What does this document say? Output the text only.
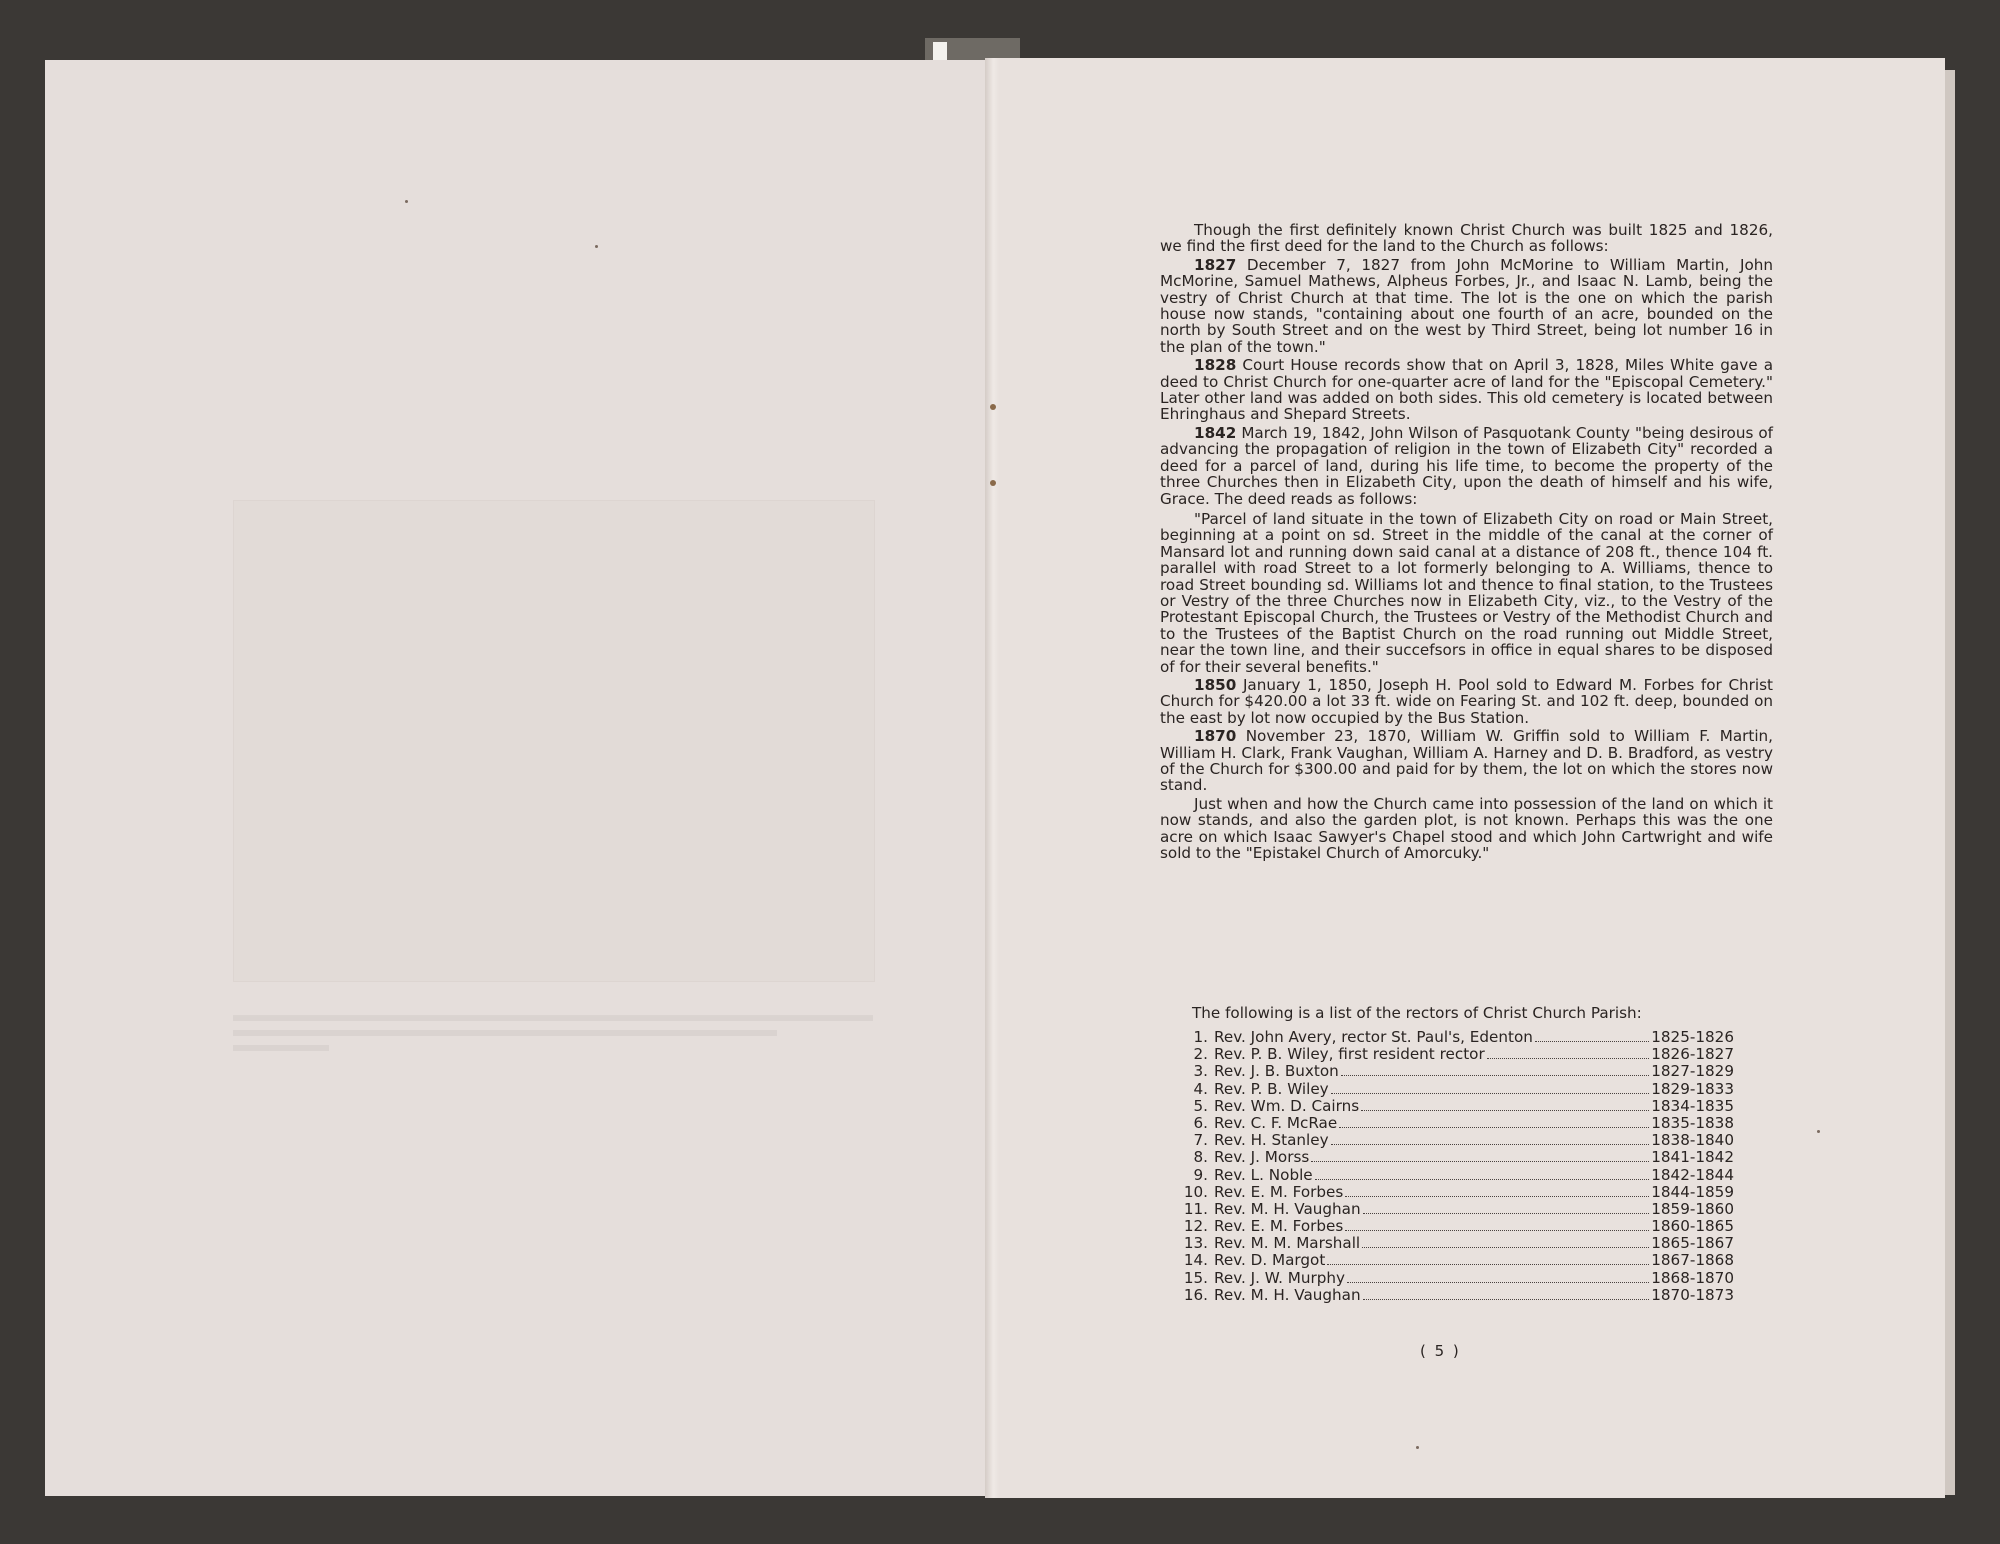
Though the first definitely known Christ Church was built 1825 and 1826, we find the first deed for the land to the Church as follows:

1827 December 7, 1827 from John McMorine to William Martin, John McMorine, Samuel Mathews, Alpheus Forbes, Jr., and Isaac N. Lamb, being the vestry of Christ Church at that time. The lot is the one on which the parish house now stands, "containing about one fourth of an acre, bounded on the north by South Street and on the west by Third Street, being lot number 16 in the plan of the town."

1828 Court House records show that on April 3, 1828, Miles White gave a deed to Christ Church for one-quarter acre of land for the "Episcopal Cemetery." Later other land was added on both sides. This old cemetery is located between Ehringhaus and Shepard Streets.

1842 March 19, 1842, John Wilson of Pasquotank County "being desirous of advancing the propagation of religion in the town of Elizabeth City" recorded a deed for a parcel of land, during his life time, to become the property of the three Churches then in Elizabeth City, upon the death of himself and his wife, Grace. The deed reads as follows:

"Parcel of land situate in the town of Elizabeth City on road or Main Street, beginning at a point on sd. Street in the middle of the canal at the corner of Mansard lot and running down said canal at a distance of 208 ft., thence 104 ft. parallel with road Street to a lot formerly belonging to A. Williams, thence to road Street bounding sd. Williams lot and thence to final station, to the Trustees or Vestry of the three Churches now in Elizabeth City, viz., to the Vestry of the Protestant Episcopal Church, the Trustees or Vestry of the Methodist Church and to the Trustees of the Baptist Church on the road running out Middle Street, near the town line, and their succefsors in office in equal shares to be disposed of for their several benefits."

1850 January 1, 1850, Joseph H. Pool sold to Edward M. Forbes for Christ Church for $420.00 a lot 33 ft. wide on Fearing St. and 102 ft. deep, bounded on the east by lot now occupied by the Bus Station.

1870 November 23, 1870, William W. Griffin sold to William F. Martin, William H. Clark, Frank Vaughan, William A. Harney and D. B. Bradford, as vestry of the Church for $300.00 and paid for by them, the lot on which the stores now stand.

Just when and how the Church came into possession of the land on which it now stands, and also the garden plot, is not known. Perhaps this was the one acre on which Isaac Sawyer's Chapel stood and which John Cartwright and wife sold to the "Epistakel Church of Amorcuky."

The following is a list of the rectors of Christ Church Parish:
1. Rev. John Avery, rector St. Paul's, Edenton	1825-1826
2. Rev. P. B. Wiley, first resident rector	1826-1827
3. Rev. J. B. Buxton	1827-1829
4. Rev. P. B. Wiley	1829-1833
5. Rev. Wm. D. Cairns	1834-1835
6. Rev. C. F. McRae	1835-1838
7. Rev. H. Stanley	1838-1840
8. Rev. J. Morss	1841-1842
9. Rev. L. Noble	1842-1844
10. Rev. E. M. Forbes	1844-1859
11. Rev. M. H. Vaughan	1859-1860
12. Rev. E. M. Forbes	1860-1865
13. Rev. M. M. Marshall	1865-1867
14. Rev. D. Margot	1867-1868
15. Rev. J. W. Murphy	1868-1870
16. Rev. M. H. Vaughan	1870-1873
( 5 )
